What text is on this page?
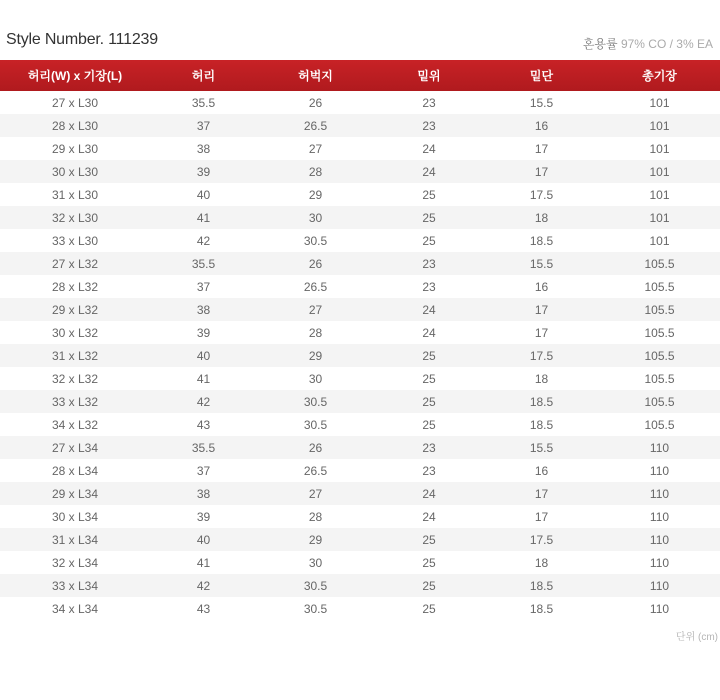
Style Number. 111239	혼용률 97% CO / 3% EA
허리(W) x 기장(L)	허리	허벅지	밑위	밑단	총기장
27 x L30	35.5	26	23	15.5	101
28 x L30	37	26.5	23	16	101
29 x L30	38	27	24	17	101
30 x L30	39	28	24	17	101
31 x L30	40	29	25	17.5	101
32 x L30	41	30	25	18	101
33 x L30	42	30.5	25	18.5	101
27 x L32	35.5	26	23	15.5	105.5
28 x L32	37	26.5	23	16	105.5
29 x L32	38	27	24	17	105.5
30 x L32	39	28	24	17	105.5
31 x L32	40	29	25	17.5	105.5
32 x L32	41	30	25	18	105.5
33 x L32	42	30.5	25	18.5	105.5
34 x L32	43	30.5	25	18.5	105.5
27 x L34	35.5	26	23	15.5	110
28 x L34	37	26.5	23	16	110
29 x L34	38	27	24	17	110
30 x L34	39	28	24	17	110
31 x L34	40	29	25	17.5	110
32 x L34	41	30	25	18	110
33 x L34	42	30.5	25	18.5	110
34 x L34	43	30.5	25	18.5	110
단위 (cm)
